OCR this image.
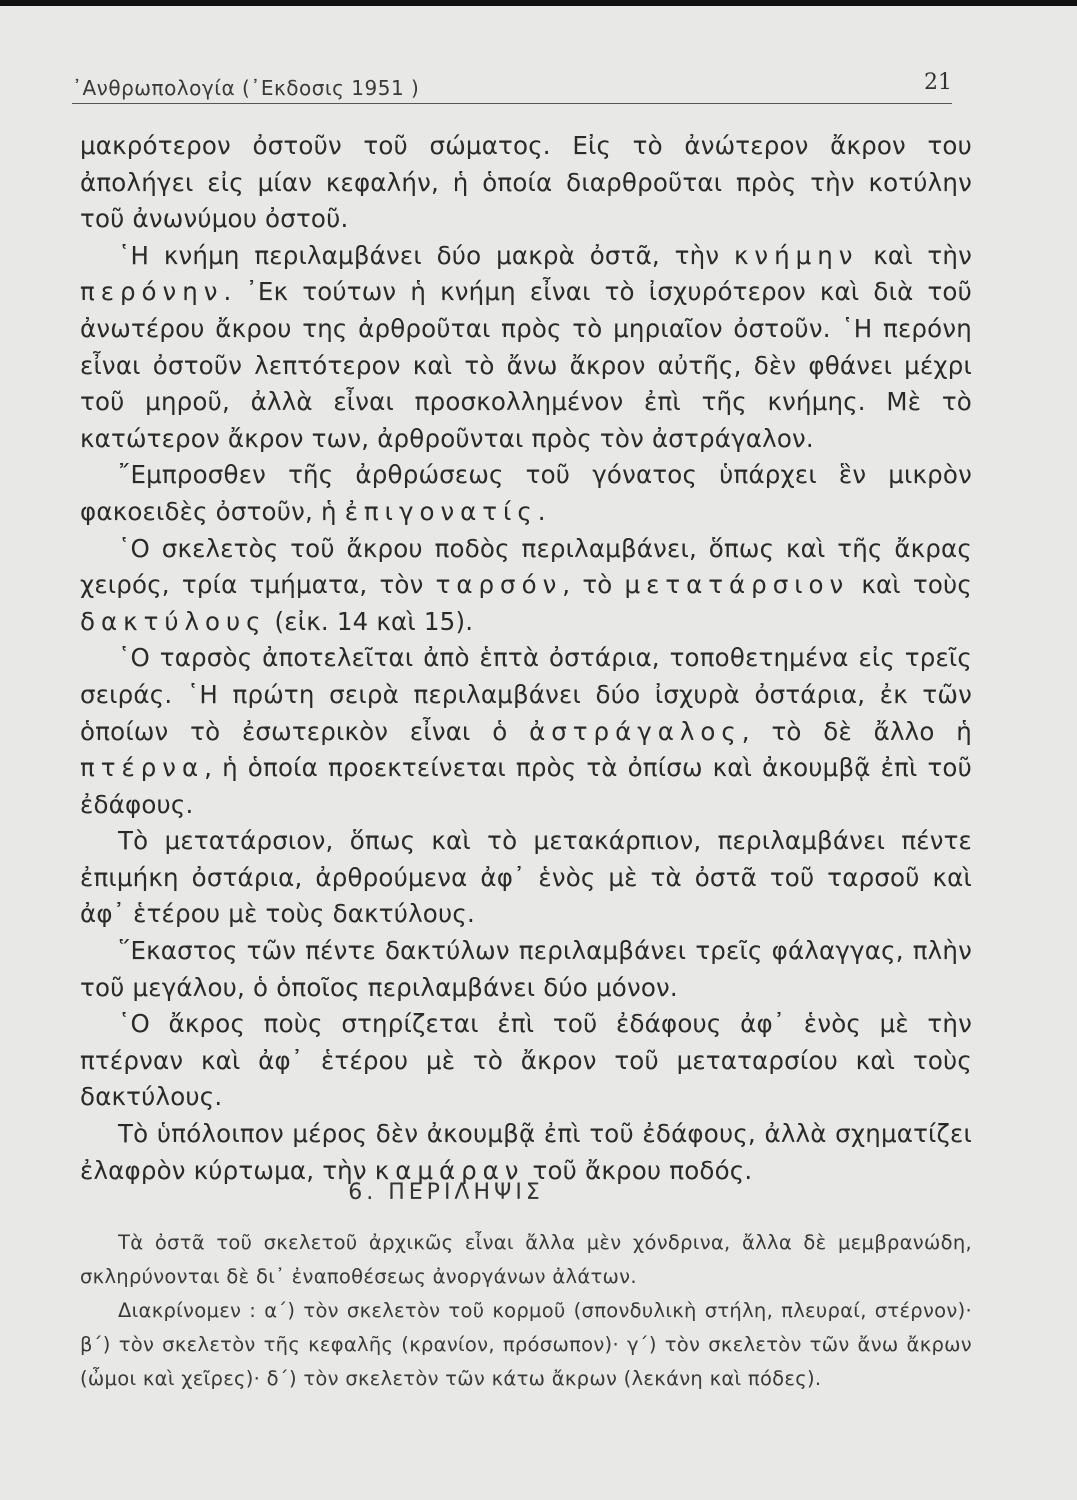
᾽Ανθρωπολογία (᾽Εκδοσις 1951 )	21

μακρότερον ὀστοῦν τοῦ σώματος. Εἰς τὸ ἀνώτερον ἄκρον του ἀπολήγει εἰς μίαν κεφαλήν, ἡ ὁποία διαρθροῦται πρὸς τὴν κοτύλην τοῦ ἀνωνύμου ὀστοῦ.

῾Η κνήμη περιλαμβάνει δύο μακρὰ ὀστᾶ, τὴν κνήμην καὶ τὴν περόνην. ᾽Εκ τούτων ἡ κνήμη εἶναι τὸ ἰσχυρότερον καὶ διὰ τοῦ ἀνωτέρου ἄκρου της ἀρθροῦται πρὸς τὸ μηριαῖον ὀστοῦν. ῾Η περόνη εἶναι ὀστοῦν λεπτότερον καὶ τὸ ἄνω ἄκρον αὐτῆς, δὲν φθάνει μέχρι τοῦ μηροῦ, ἀλλὰ εἶναι προσκολλημένον ἐπὶ τῆς κνήμης. Μὲ τὸ κατώτερον ἄκρον των, ἀρθροῦνται πρὸς τὸν ἀστράγαλον.

῎Εμπροσθεν τῆς ἀρθρώσεως τοῦ γόνατος ὑπάρχει ἓν μικρὸν φακοειδὲς ὀστοῦν, ἡ ἐπιγονατίς.

῾Ο σκελετὸς τοῦ ἄκρου ποδὸς περιλαμβάνει, ὅπως καὶ τῆς ἄκρας χειρός, τρία τμήματα, τὸν ταρσόν, τὸ μετατάρσιον καὶ τοὺς δακτύλους (εἰκ. 14 καὶ 15).

῾Ο ταρσὸς ἀποτελεῖται ἀπὸ ἑπτὰ ὀστάρια, τοποθετημένα εἰς τρεῖς σειράς. ῾Η πρώτη σειρὰ περιλαμβάνει δύο ἰσχυρὰ ὀστάρια, ἐκ τῶν ὁποίων τὸ ἐσωτερικὸν εἶναι ὁ ἀστράγαλος, τὸ δὲ ἄλλο ἡ πτέρνα, ἡ ὁποία προεκτείνεται πρὸς τὰ ὀπίσω καὶ ἀκουμβᾷ ἐπὶ τοῦ ἐδάφους.

Τὸ μετατάρσιον, ὅπως καὶ τὸ μετακάρπιον, περιλαμβάνει πέντε ἐπιμήκη ὀστάρια, ἀρθρούμενα ἀφ᾽ ἑνὸς μὲ τὰ ὀστᾶ τοῦ ταρσοῦ καὶ ἀφ᾽ ἑτέρου μὲ τοὺς δακτύλους.

῞Εκαστος τῶν πέντε δακτύλων περιλαμβάνει τρεῖς φάλαγγας, πλὴν τοῦ μεγάλου, ὁ ὁποῖος περιλαμβάνει δύο μόνον.

῾Ο ἄκρος ποὺς στηρίζεται ἐπὶ τοῦ ἐδάφους ἀφ᾽ ἑνὸς μὲ τὴν πτέρναν καὶ ἀφ᾽ ἑτέρου μὲ τὸ ἄκρον τοῦ μεταταρσίου καὶ τοὺς δακτύλους.

Τὸ ὑπόλοιπον μέρος δὲν ἀκουμβᾷ ἐπὶ τοῦ ἐδάφους, ἀλλὰ σχηματίζει ἐλαφρὸν κύρτωμα, τὴν καμάραν τοῦ ἄκρου ποδός.

6. ΠΕΡΙΛΗΨΙΣ

Τὰ ὀστᾶ τοῦ σκελετοῦ ἀρχικῶς εἶναι ἄλλα μὲν χόνδρινα, ἄλλα δὲ μεμβρανώδη, σκληρύνονται δὲ δι᾽ ἐναποθέσεως ἀνοργάνων ἀλάτων.

Διακρίνομεν : α΄) τὸν σκελετὸν τοῦ κορμοῦ (σπονδυλικὴ στήλη, πλευραί, στέρνον)· β΄) τὸν σκελετὸν τῆς κεφαλῆς (κρανίον, πρόσωπον)· γ΄) τὸν σκελετὸν τῶν ἄνω ἄκρων (ὦμοι καὶ χεῖρες)· δ΄) τὸν σκελετὸν τῶν κάτω ἄκρων (λεκάνη καὶ πόδες).
